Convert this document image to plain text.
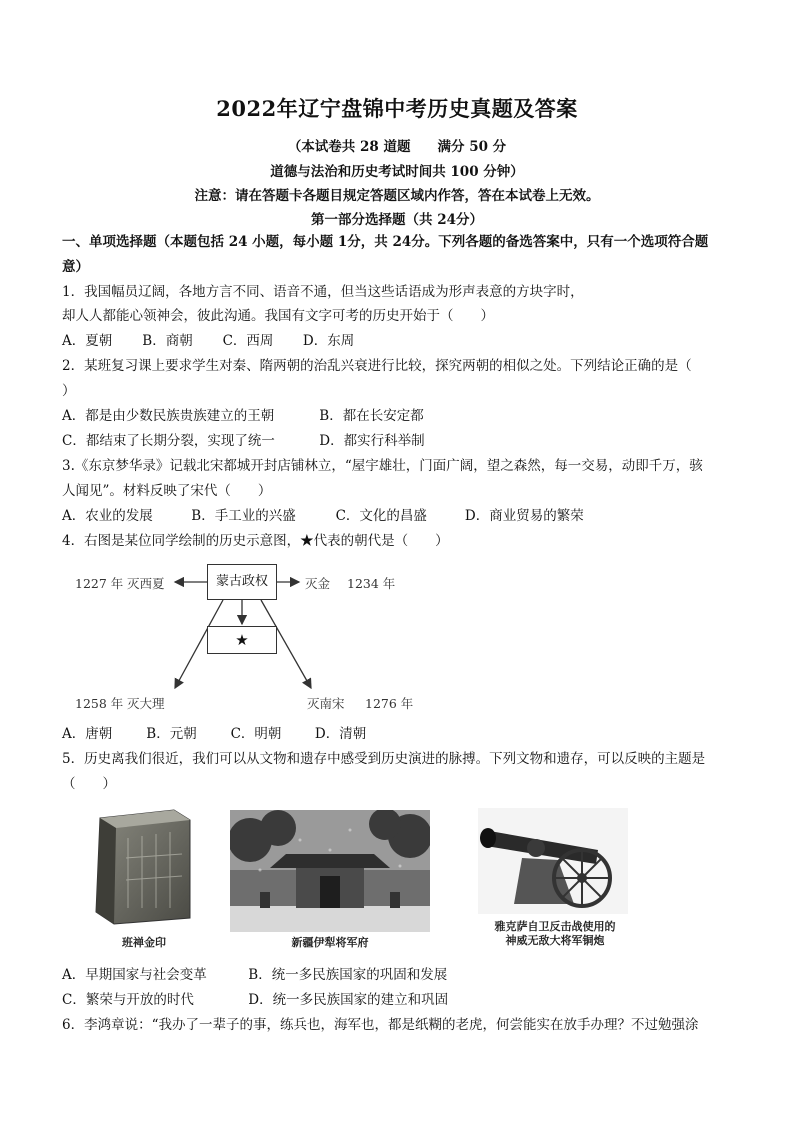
2022年辽宁盘锦中考历史真题及答案
（本试卷共 28 道题　　满分 50 分
道德与法治和历史考试时间共 100 分钟）
注意：请在答题卡各题目规定答题区域内作答，答在本试卷上无效。
第一部分选择题（共 24分）
一、单项选择题（本题包括 24 小题，每小题 1分，共 24分。下列各题的备选答案中，只有一个选项符合题
意）
1．我国幅员辽阔，各地方言不同、语音不通，但当这些话语成为形声表意的方块字时，
却人人都能心领神会，彼此沟通。我国有文字可考的历史开始于（　　）
A．夏朝 B．商朝 C．西周 D．东周
2．某班复习课上要求学生对秦、隋两朝的治乱兴衰进行比较，探究两朝的相似之处。下列结论正确的是（
）
A．都是由少数民族贵族建立的王朝	B．都在长安定都
C．都结束了长期分裂，实现了统一	D．都实行科举制
3.《东京梦华录》记载北宋都城开封店铺林立，“屋宇雄壮，门面广阔，望之森然，每一交易，动即千万，骇
人闻见”。材料反映了宋代（　　）
A．农业的发展	B．手工业的兴盛	C．文化的昌盛	D．商业贸易的繁荣
4．右图是某位同学绘制的历史示意图，★代表的朝代是（　　）
蒙古政权
★
1227 年 灭西夏	灭金 1234 年
1258 年 灭大理	灭南宋 1276 年
A．唐朝	B．元朝	C．明朝 D．清朝
5．历史离我们很近，我们可以从文物和遗存中感受到历史演进的脉搏。下列文物和遗存，可以反映的主题是
（　　）
班禅金印	新疆伊犁将军府
雅克萨自卫反击战使用的
神威无敌大将军铜炮
A．早期国家与社会变革	B．统一多民族国家的巩固和发展
C．繁荣与开放的时代	D．统一多民族国家的建立和巩固
6．李鸿章说：“我办了一辈子的事，练兵也，海军也，都是纸糊的老虎，何尝能实在放手办理？不过勉强涂
